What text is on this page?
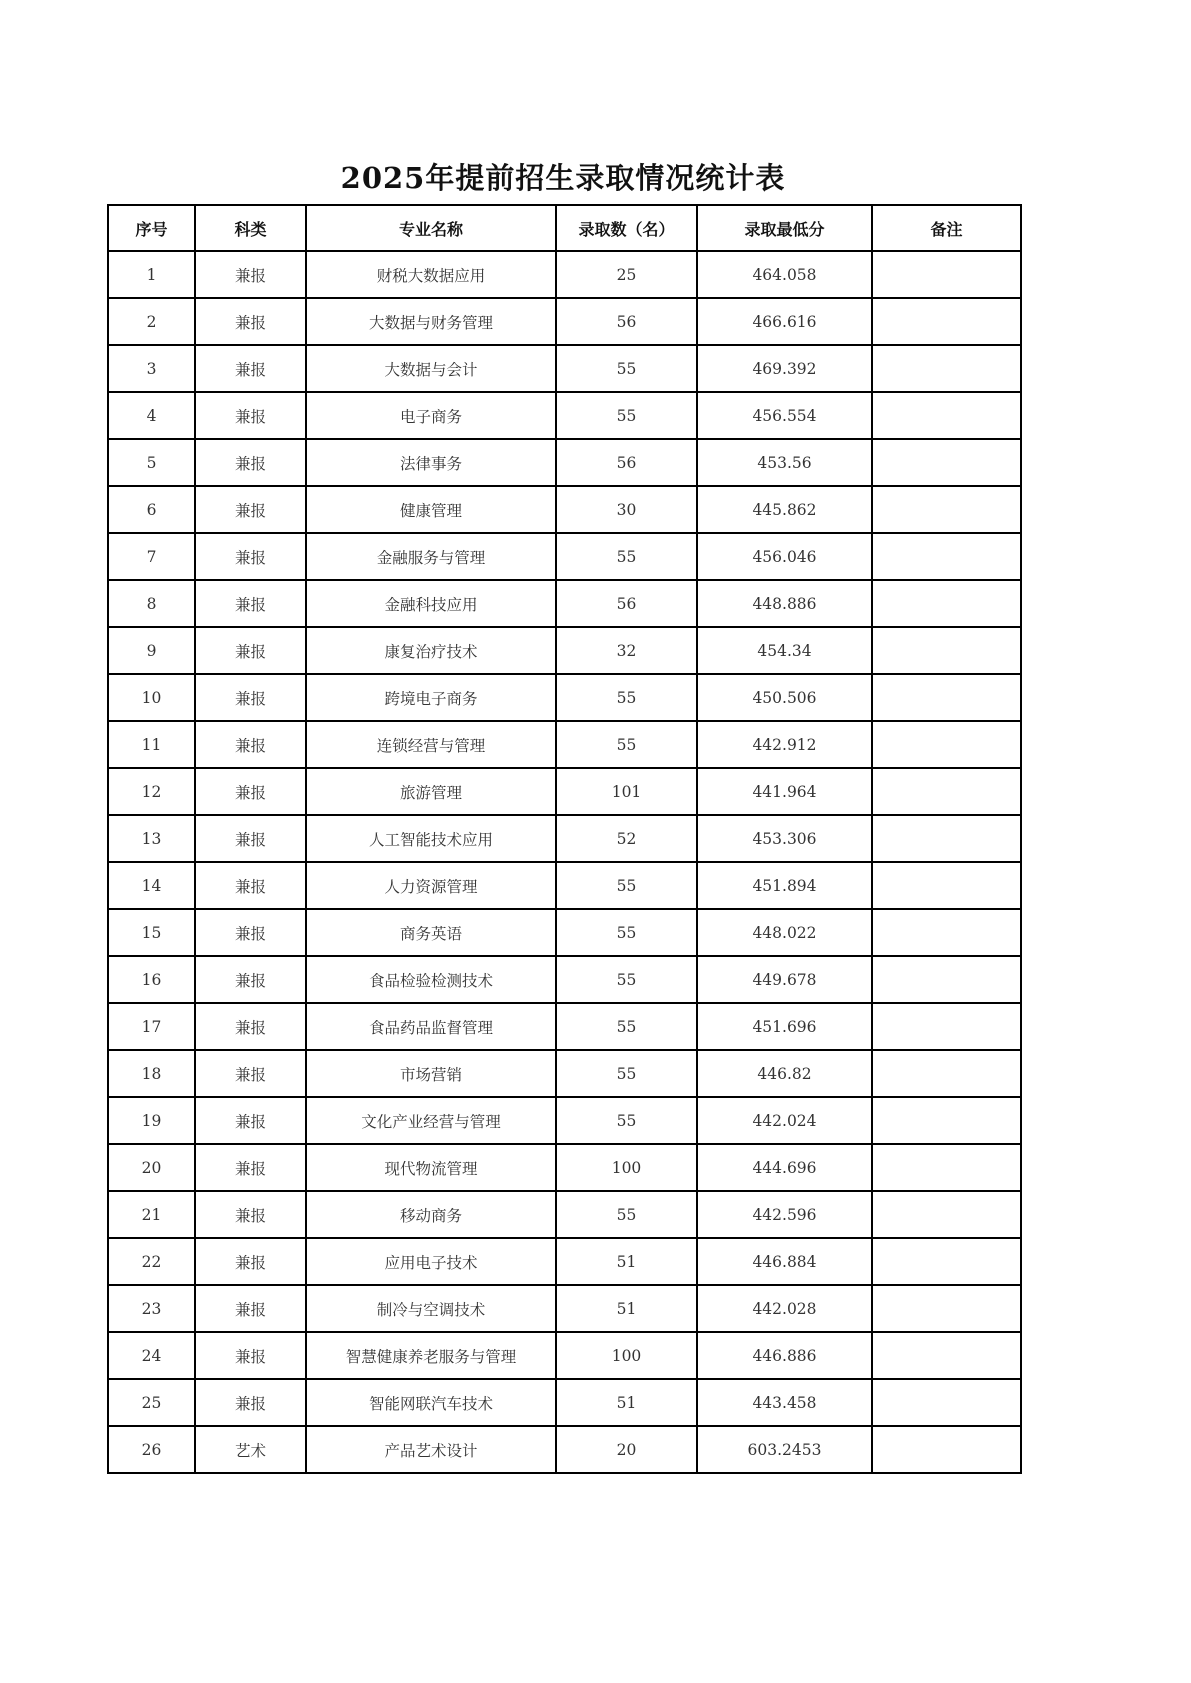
2025年提前招生录取情况统计表
序号	科类	专业名称	录取数（名）	录取最低分	备注
1	兼报	财税大数据应用	25	464.058	
2	兼报	大数据与财务管理	56	466.616	
3	兼报	大数据与会计	55	469.392	
4	兼报	电子商务	55	456.554	
5	兼报	法律事务	56	453.56	
6	兼报	健康管理	30	445.862	
7	兼报	金融服务与管理	55	456.046	
8	兼报	金融科技应用	56	448.886	
9	兼报	康复治疗技术	32	454.34	
10	兼报	跨境电子商务	55	450.506	
11	兼报	连锁经营与管理	55	442.912	
12	兼报	旅游管理	101	441.964	
13	兼报	人工智能技术应用	52	453.306	
14	兼报	人力资源管理	55	451.894	
15	兼报	商务英语	55	448.022	
16	兼报	食品检验检测技术	55	449.678	
17	兼报	食品药品监督管理	55	451.696	
18	兼报	市场营销	55	446.82	
19	兼报	文化产业经营与管理	55	442.024	
20	兼报	现代物流管理	100	444.696	
21	兼报	移动商务	55	442.596	
22	兼报	应用电子技术	51	446.884	
23	兼报	制冷与空调技术	51	442.028	
24	兼报	智慧健康养老服务与管理	100	446.886	
25	兼报	智能网联汽车技术	51	443.458	
26	艺术	产品艺术设计	20	603.2453	
